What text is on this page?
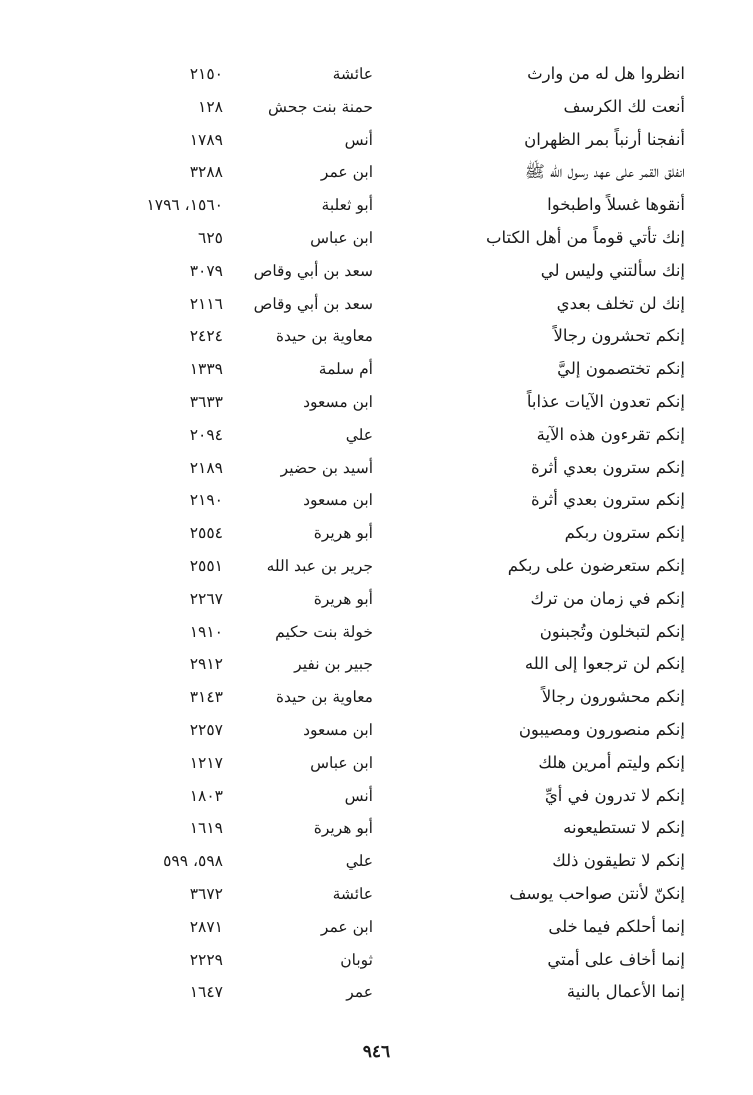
انظروا هل له من وارث
عائشة
٢١٥٠
أنعت لك الكرسف
حمنة بنت جحش
١٢٨
أنفجنا أرنباً بمر الظهران
أنس
١٧٨٩
انفلق القمر على عهد رسول الله ﷺ
ابن عمر
٣٢٨٨
أنقوها غسلاً واطبخوا
أبو ثعلبة
١٥٦٠، ١٧٩٦
إنك تأتي قوماً من أهل الكتاب
ابن عباس
٦٢٥
إنك سألتني وليس لي
سعد بن أبي وقاص
٣٠٧٩
إنك لن تخلف بعدي
سعد بن أبي وقاص
٢١١٦
إنكم تحشرون رجالاً
معاوية بن حيدة
٢٤٢٤
إنكم تختصمون إليَّ
أم سلمة
١٣٣٩
إنكم تعدون الآيات عذاباً
ابن مسعود
٣٦٣٣
إنكم تقرءون هذه الآية
علي
٢٠٩٤
إنكم سترون بعدي أثرة
أسيد بن حضير
٢١٨٩
إنكم سترون بعدي أثرة
ابن مسعود
٢١٩٠
إنكم سترون ربكم
أبو هريرة
٢٥٥٤
إنكم ستعرضون على ربكم
جرير بن عبد الله
٢٥٥١
إنكم في زمان من ترك
أبو هريرة
٢٢٦٧
إنكم لتبخلون وتُجبنون
خولة بنت حكيم
١٩١٠
إنكم لن ترجعوا إلى الله
جبير بن نفير
٢٩١٢
إنكم محشورون رجالاً
معاوية بن حيدة
٣١٤٣
إنكم منصورون ومصيبون
ابن مسعود
٢٢٥٧
إنكم وليتم أمرين هلك
ابن عباس
١٢١٧
إنكم لا تدرون في أيِّ
أنس
١٨٠٣
إنكم لا تستطيعونه
أبو هريرة
١٦١٩
إنكم لا تطيقون ذلك
علي
٥٩٨، ٥٩٩
إنكنّ لأنتن صواحب يوسف
عائشة
٣٦٧٢
إنما أحلكم فيما خلى
ابن عمر
٢٨٧١
إنما أخاف على أمتي
ثوبان
٢٢٢٩
إنما الأعمال بالنية
عمر
١٦٤٧
٩٤٦
